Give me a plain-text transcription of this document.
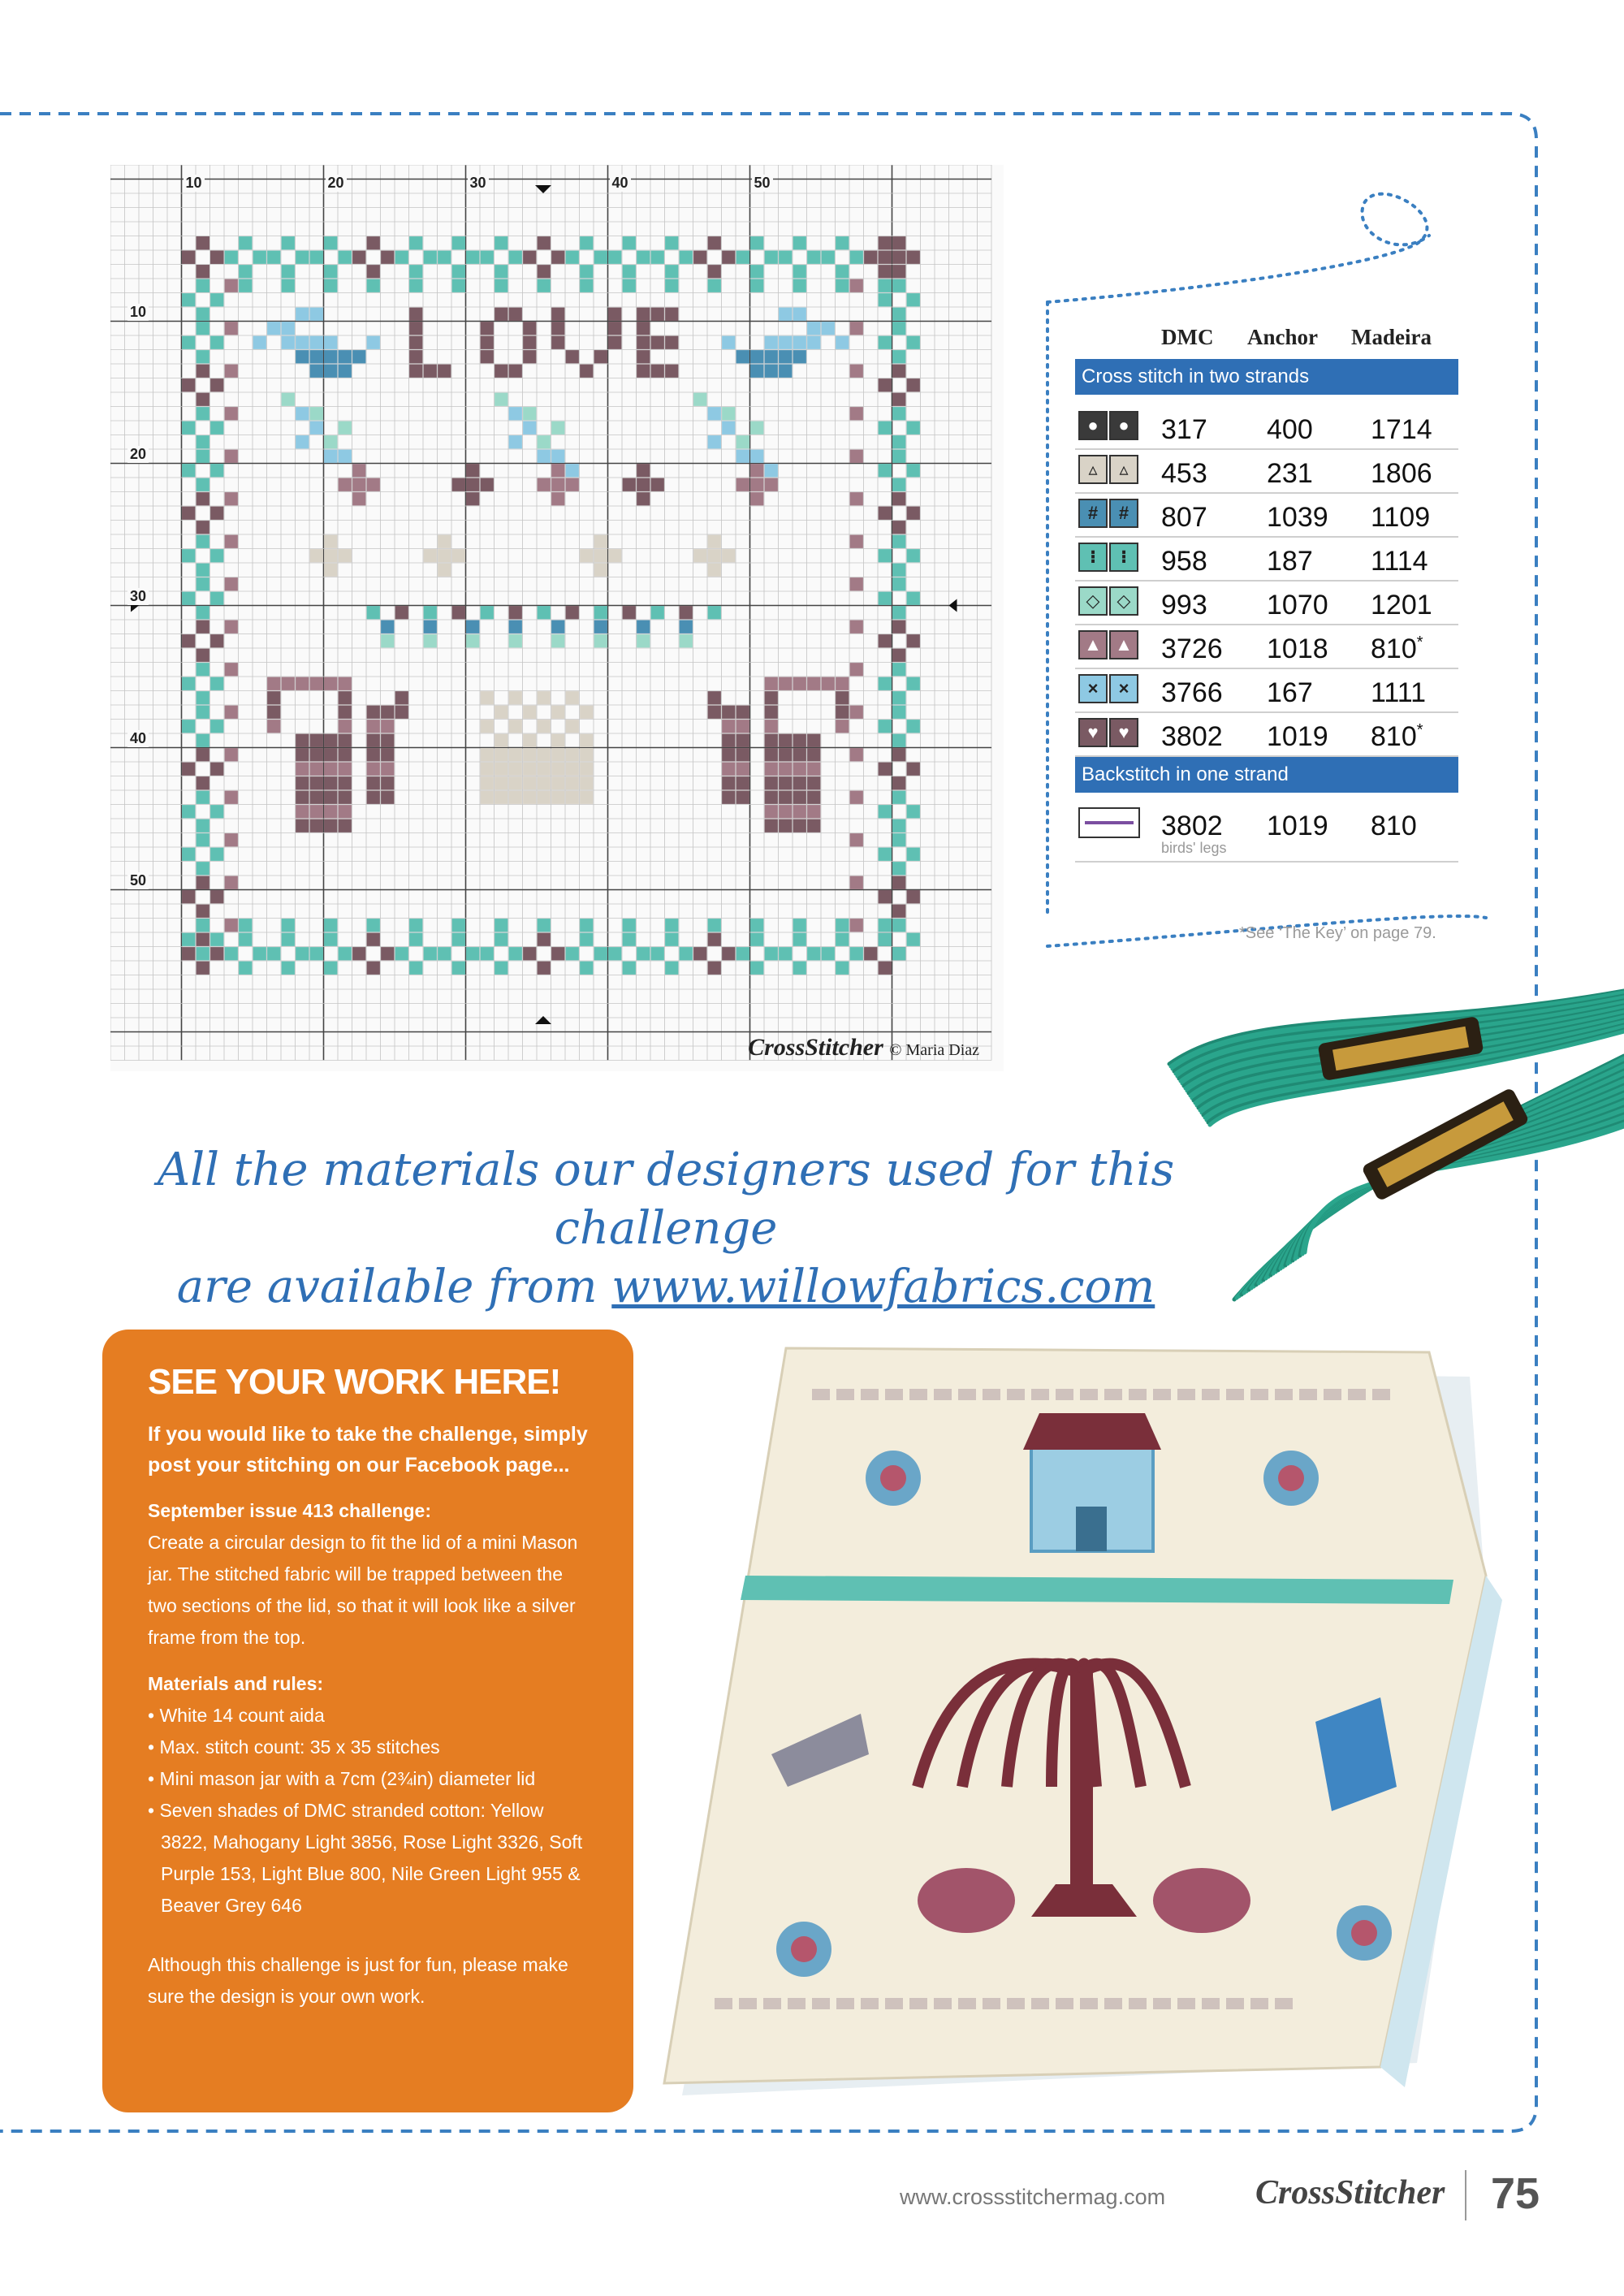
10	20	30	40	50
10
20
30
40
50
CrossStitcher © Maria Diaz
DMC Anchor Madeira
Cross stitch in two strands
●	●	317 400 1714
▵	▵	453 231 1806
#	#	807 1039 1109
⁝	⁝	958 187 1114
◇ ◇ 993 1070 1201
▲ ▲ 3726 1018 810*
×	×	3766 167 1111
♥	♥	3802 1019 810*
Backstitch in one strand
3802 1019 810
birds' legs
*See ‘The Key’ on page 79.
All the materials our designers used for this challenge
are available from www.willowfabrics.com
SEE YOUR WORK HERE!
If you would like to take the challenge, simply post your stitching on our Facebook page...
September issue 413 challenge:
Create a circular design to fit the lid of a mini Mason jar. The stitched fabric will be trapped between the two sections of the lid, so that it will look like a silver frame from the top.
Materials and rules:
• White 14 count aida
• Max. stitch count: 35 x 35 stitches
• Mini mason jar with a 7cm (2¾in) diameter lid
• Seven shades of DMC stranded cotton: Yellow 3822, Mahogany Light 3856, Rose Light 3326, Soft Purple 153, Light Blue 800, Nile Green Light 955 & Beaver Grey 646
Although this challenge is just for fun, please make sure the design is your own work.
www.crossstitchermag.com	CrossStitcher 75
